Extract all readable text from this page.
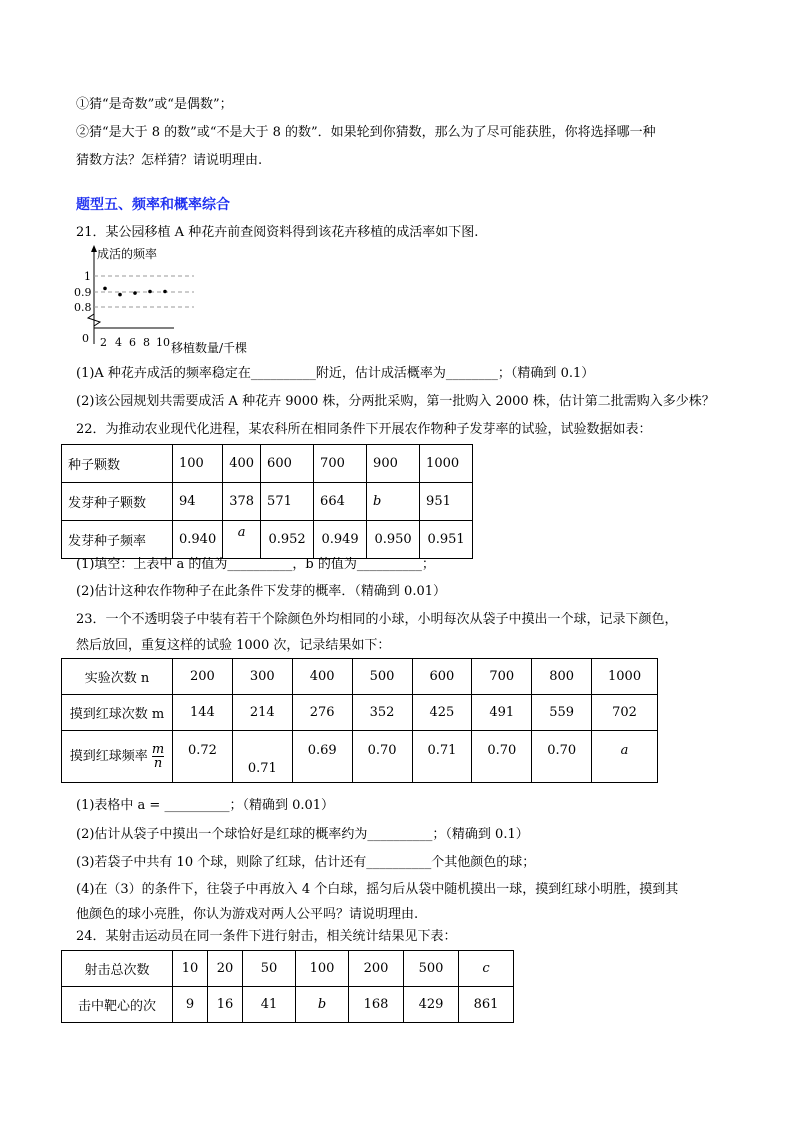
①猜“是奇数”或“是偶数”；
②猜“是大于 8 的数”或“不是大于 8 的数”．如果轮到你猜数，那么为了尽可能获胜，你将选择哪一种
猜数方法？怎样猜？请说明理由.
题型五、频率和概率综合
21．某公园移植 A 种花卉前查阅资料得到该花卉移植的成活率如下图.
成活的频率
1
0.9
0.8
0 2 4 6 8 10 移植数量/千棵
(1)A 种花卉成活的频率稳定在__________附近，估计成活概率为________；（精确到 0.1）
(2)该公园规划共需要成活 A 种花卉 9000 株，分两批采购，第一批购入 2000 株，估计第二批需购入多少株？
22．为推动农业现代化进程，某农科所在相同条件下开展农作物种子发芽率的试验，试验数据如表：
种子颗数	100	400	600	700	900	1000
发芽种子颗数	94	378	571	664	b	951
发芽种子频率	0.940	a	0.952	0.949	0.950	0.951
(1)填空：上表中 a 的值为__________，b 的值为__________；
(2)估计这种农作物种子在此条件下发芽的概率．（精确到 0.01）
23．一个不透明袋子中装有若干个除颜色外均相同的小球，小明每次从袋子中摸出一个球，记录下颜色，
然后放回，重复这样的试验 1000 次，记录结果如下：
实验次数 n	200	300	400	500	600	700	800	1000
摸到红球次数 m	144	214	276	352	425	491	559	702
摸到红球频率 $\frac{m}{n}$	0.72	0.71	0.69	0.70	0.71	0.70	0.70	a
(1)表格中 a = __________；（精确到 0.01）
(2)估计从袋子中摸出一个球恰好是红球的概率约为__________；（精确到 0.1）
(3)若袋子中共有 10 个球，则除了红球，估计还有__________个其他颜色的球；
(4)在（3）的条件下，往袋子中再放入 4 个白球，摇匀后从袋中随机摸出一球，摸到红球小明胜，摸到其
他颜色的球小亮胜，你认为游戏对两人公平吗？请说明理由.
24．某射击运动员在同一条件下进行射击，相关统计结果见下表：
射击总次数	10	20	50	100	200	500	c
击中靶心的次	9	16	41	b	168	429	861
